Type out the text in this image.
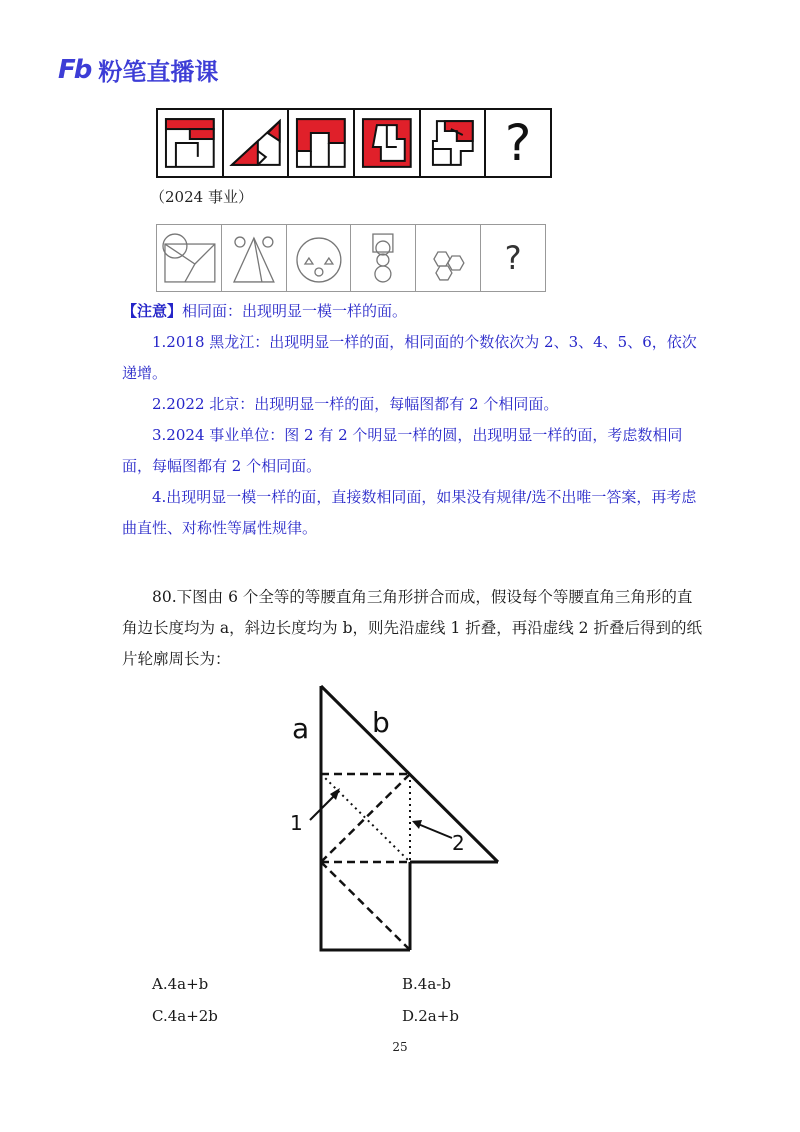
Fb 粉笔直播课
?
（2024 事业）
?

【注意】相同面：出现明显一模一样的面。

1.2018 黑龙江：出现明显一样的面，相同面的个数依次为 2、3、4、5、6，依次递增。

2.2022 北京：出现明显一样的面，每幅图都有 2 个相同面。

3.2024 事业单位：图 2 有 2 个明显一样的圆，出现明显一样的面，考虑数相同面，每幅图都有 2 个相同面。

4.出现明显一模一样的面，直接数相同面，如果没有规律/选不出唯一答案，再考虑曲直性、对称性等属性规律。

80.下图由 6 个全等的等腰直角三角形拼合而成，假设每个等腰直角三角形的直角边长度均为 a，斜边长度均为 b，则先沿虚线 1 折叠，再沿虚线 2 折叠后得到的纸片轮廓周长为：

a b
1
2
A.4a+b	B.4a-b
C.4a+2b	D.2a+b
25
